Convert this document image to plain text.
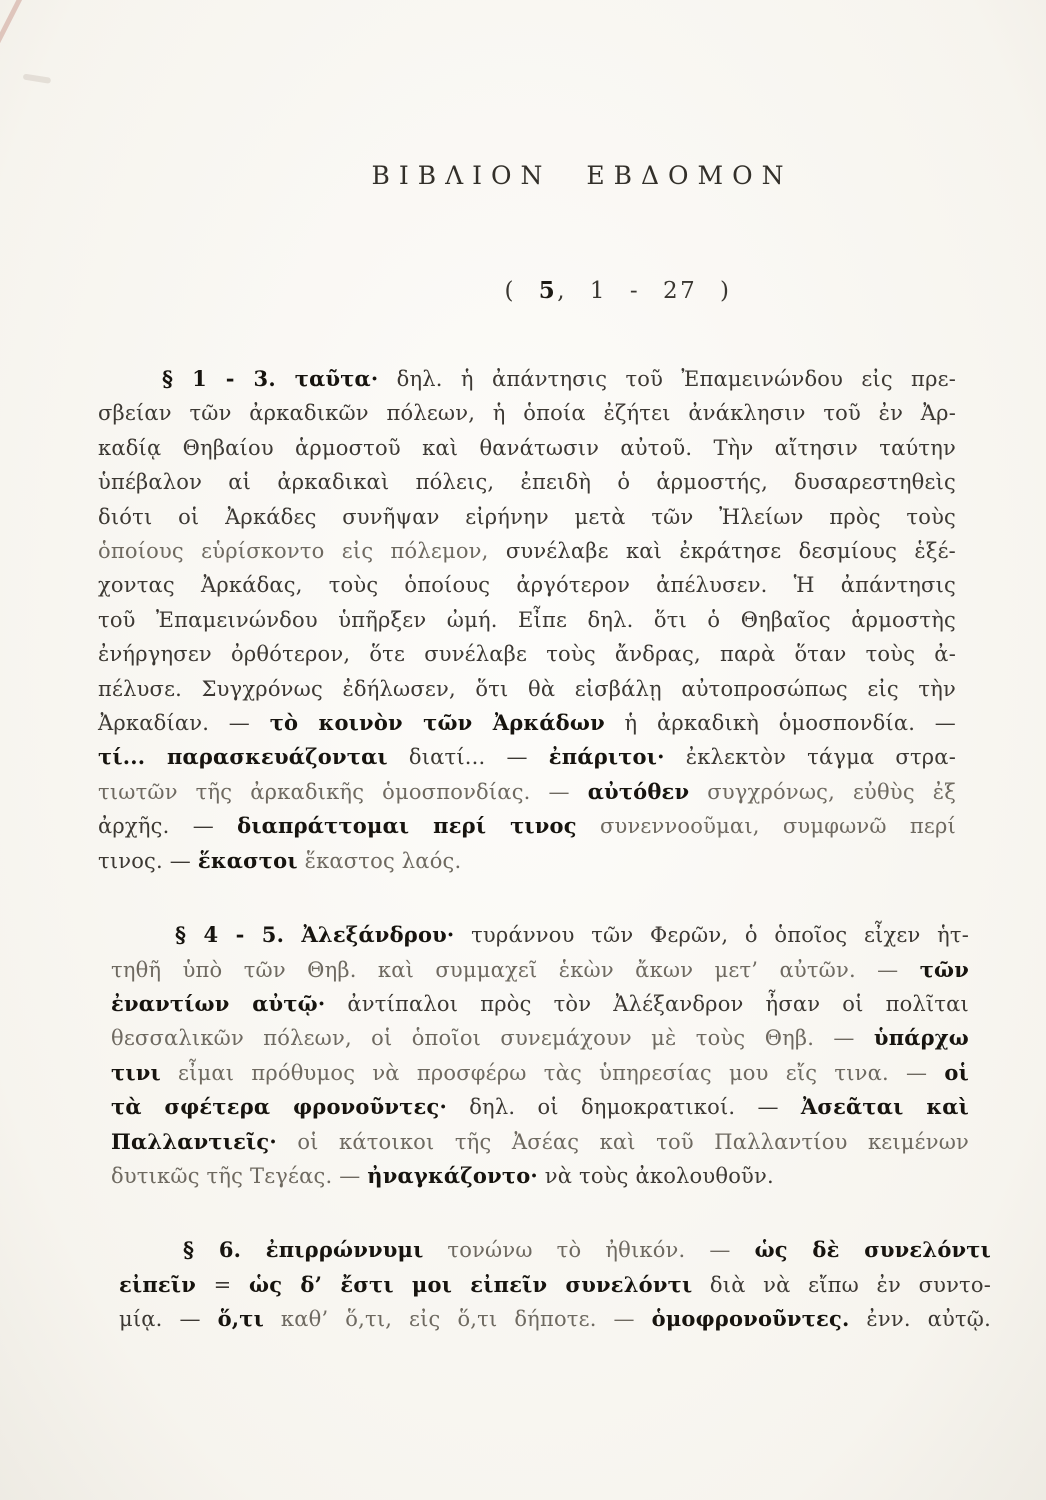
ΒΙΒΛΙΟΝ ΕΒΔΟΜΟΝ
( 5, 1 - 27 )
§ 1 - 3. ταῦτα· δηλ. ἡ ἀπάντησις τοῦ Ἐπαμεινώνδου εἰς πρε-
σβείαν τῶν ἀρκαδικῶν πόλεων, ἡ ὁποία ἐζήτει ἀνάκλησιν τοῦ ἐν Ἀρ-
καδίᾳ Θηβαίου ἁρμοστοῦ καὶ θανάτωσιν αὐτοῦ. Τὴν αἴτησιν ταύτην
ὑπέβαλον αἱ ἀρκαδικαὶ πόλεις, ἐπειδὴ ὁ ἁρμοστής, δυσαρεστηθεὶς
διότι οἱ Ἀρκάδες συνῆψαν εἰρήνην μετὰ τῶν Ἠλείων πρὸς τοὺς
ὁποίους εὑρίσκοντο εἰς πόλεμον, συνέλαβε καὶ ἐκράτησε δεσμίους ἑξέ-
χοντας Ἀρκάδας, τοὺς ὁποίους ἀργότερον ἀπέλυσεν. Ἡ ἀπάντησις
τοῦ Ἐπαμεινώνδου ὑπῆρξεν ὠμή. Εἶπε δηλ. ὅτι ὁ Θηβαῖος ἁρμοστὴς
ἐνήργησεν ὀρθότερον, ὅτε συνέλαβε τοὺς ἄνδρας, παρὰ ὅταν τοὺς ἀ-
πέλυσε. Συγχρόνως ἐδήλωσεν, ὅτι θὰ εἰσβάλῃ αὐτοπροσώπως εἰς τὴν
Ἀρκαδίαν. — τὸ κοινὸν τῶν Ἀρκάδων ἡ ἀρκαδικὴ ὁμοσπονδία. —
τί... παρασκευάζονται διατί... — ἐπάριτοι· ἐκλεκτὸν τάγμα στρα-
τιωτῶν τῆς ἀρκαδικῆς ὁμοσπονδίας. — αὐτόθεν συγχρόνως, εὐθὺς ἐξ
ἀρχῆς. — διαπράττομαι περί τινος συνεννοοῦμαι, συμφωνῶ περί
τινος. — ἕκαστοι ἕκαστος λαός.
§ 4 - 5. Ἀλεξάνδρου· τυράννου τῶν Φερῶν, ὁ ὁποῖος εἶχεν ἡτ-
τηθῆ ὑπὸ τῶν Θηβ. καὶ συμμαχεῖ ἑκὼν ἄκων μετ’ αὐτῶν. — τῶν
ἐναντίων αὐτῷ· ἀντίπαλοι πρὸς τὸν Ἀλέξανδρον ἦσαν οἱ πολῖται
θεσσαλικῶν πόλεων, οἱ ὁποῖοι συνεμάχουν μὲ τοὺς Θηβ. — ὑπάρχω
τινι εἶμαι πρόθυμος νὰ προσφέρω τὰς ὑπηρεσίας μου εἴς τινα. — οἱ
τὰ σφέτερα φρονοῦντες· δηλ. οἱ δημοκρατικοί. — Ἀσεᾶται καὶ
Παλλαντιεῖς· οἱ κάτοικοι τῆς Ἀσέας καὶ τοῦ Παλλαντίου κειμένων
δυτικῶς τῆς Τεγέας. — ἠναγκάζοντο· νὰ τοὺς ἀκολουθοῦν.
§ 6. ἐπιρρώννυμι τονώνω τὸ ἠθικόν. — ὡς δὲ συνελόντι
εἰπεῖν = ὡς δ’ ἔστι μοι εἰπεῖν συνελόντι διὰ νὰ εἴπω ἐν συντο-
μίᾳ. — ὅ,τι καθ’ ὅ,τι, εἰς ὅ,τι δήποτε. — ὁμοφρονοῦντες. ἐνν. αὐτῷ.
